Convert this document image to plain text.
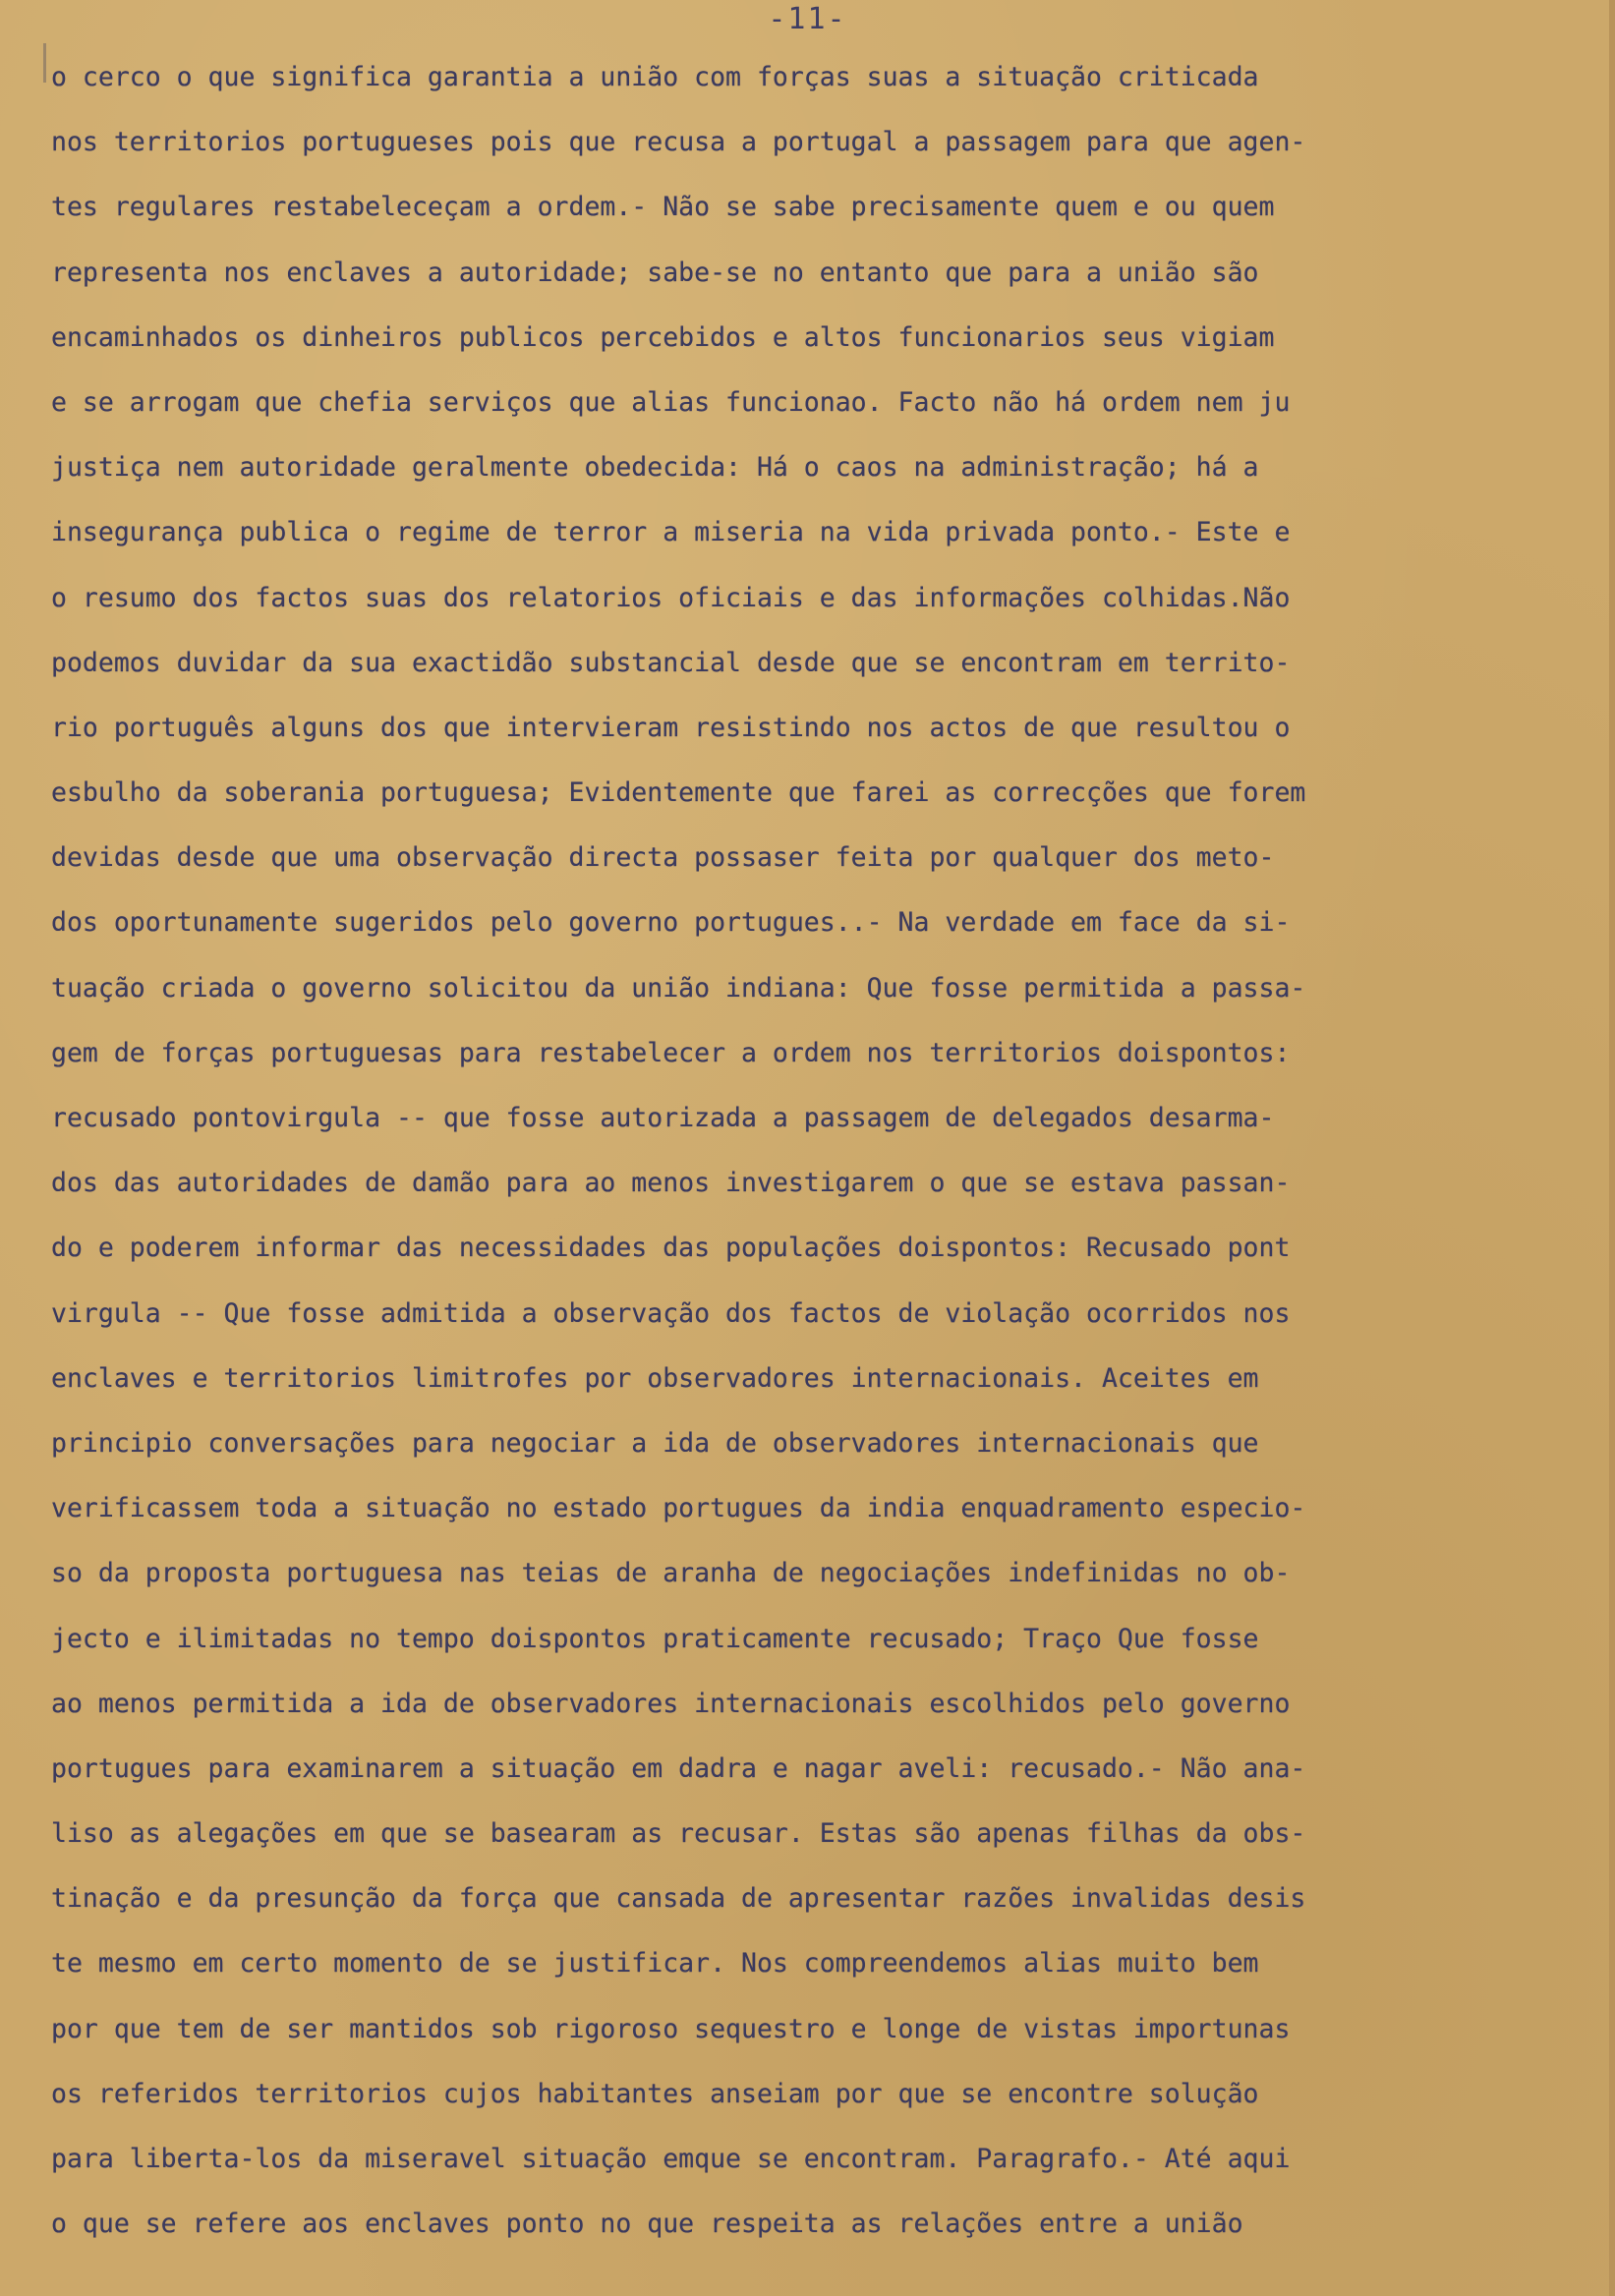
-11-
o cerco o que significa garantia a união com forças suas a situação criticada
nos territorios portugueses pois que recusa a portugal a passagem para que agen-
tes regulares restabeleceçam a ordem.- Não se sabe precisamente quem e ou quem
representa nos enclaves a autoridade; sabe-se no entanto que para a união são
encaminhados os dinheiros publicos percebidos e altos funcionarios seus vigiam
e se arrogam que chefia serviços que alias funcionao. Facto não há ordem nem ju
justiça nem autoridade geralmente obedecida: Há o caos na administração; há a
insegurança publica o regime de terror a miseria na vida privada ponto.- Este e
o resumo dos factos suas dos relatorios oficiais e das informações colhidas.Não
podemos duvidar da sua exactidão substancial desde que se encontram em territo-
rio português alguns dos que intervieram resistindo nos actos de que resultou o
esbulho da soberania portuguesa; Evidentemente que farei as correcções que forem
devidas desde que uma observação directa possaser feita por qualquer dos meto-
dos oportunamente sugeridos pelo governo portugues..- Na verdade em face da si-
tuação criada o governo solicitou da união indiana: Que fosse permitida a passa-
gem de forças portuguesas para restabelecer a ordem nos territorios doispontos:
recusado pontovirgula -- que fosse autorizada a passagem de delegados desarma-
dos das autoridades de damão para ao menos investigarem o que se estava passan-
do e poderem informar das necessidades das populações doispontos: Recusado pont
virgula -- Que fosse admitida a observação dos factos de violação ocorridos nos
enclaves e territorios limitrofes por observadores internacionais. Aceites em
principio conversações para negociar a ida de observadores internacionais que
verificassem toda a situação no estado portugues da india enquadramento especio-
so da proposta portuguesa nas teias de aranha de negociações indefinidas no ob-
jecto e ilimitadas no tempo doispontos praticamente recusado; Traço Que fosse
ao menos permitida a ida de observadores internacionais escolhidos pelo governo
portugues para examinarem a situação em dadra e nagar aveli: recusado.- Não ana-
liso as alegações em que se basearam as recusar. Estas são apenas filhas da obs-
tinação e da presunção da força que cansada de apresentar razões invalidas desis
te mesmo em certo momento de se justificar. Nos compreendemos alias muito bem
por que tem de ser mantidos sob rigoroso sequestro e longe de vistas importunas
os referidos territorios cujos habitantes anseiam por que se encontre solução
para liberta-los da miseravel situação emque se encontram. Paragrafo.- Até aqui
o que se refere aos enclaves ponto no que respeita as relações entre a união
